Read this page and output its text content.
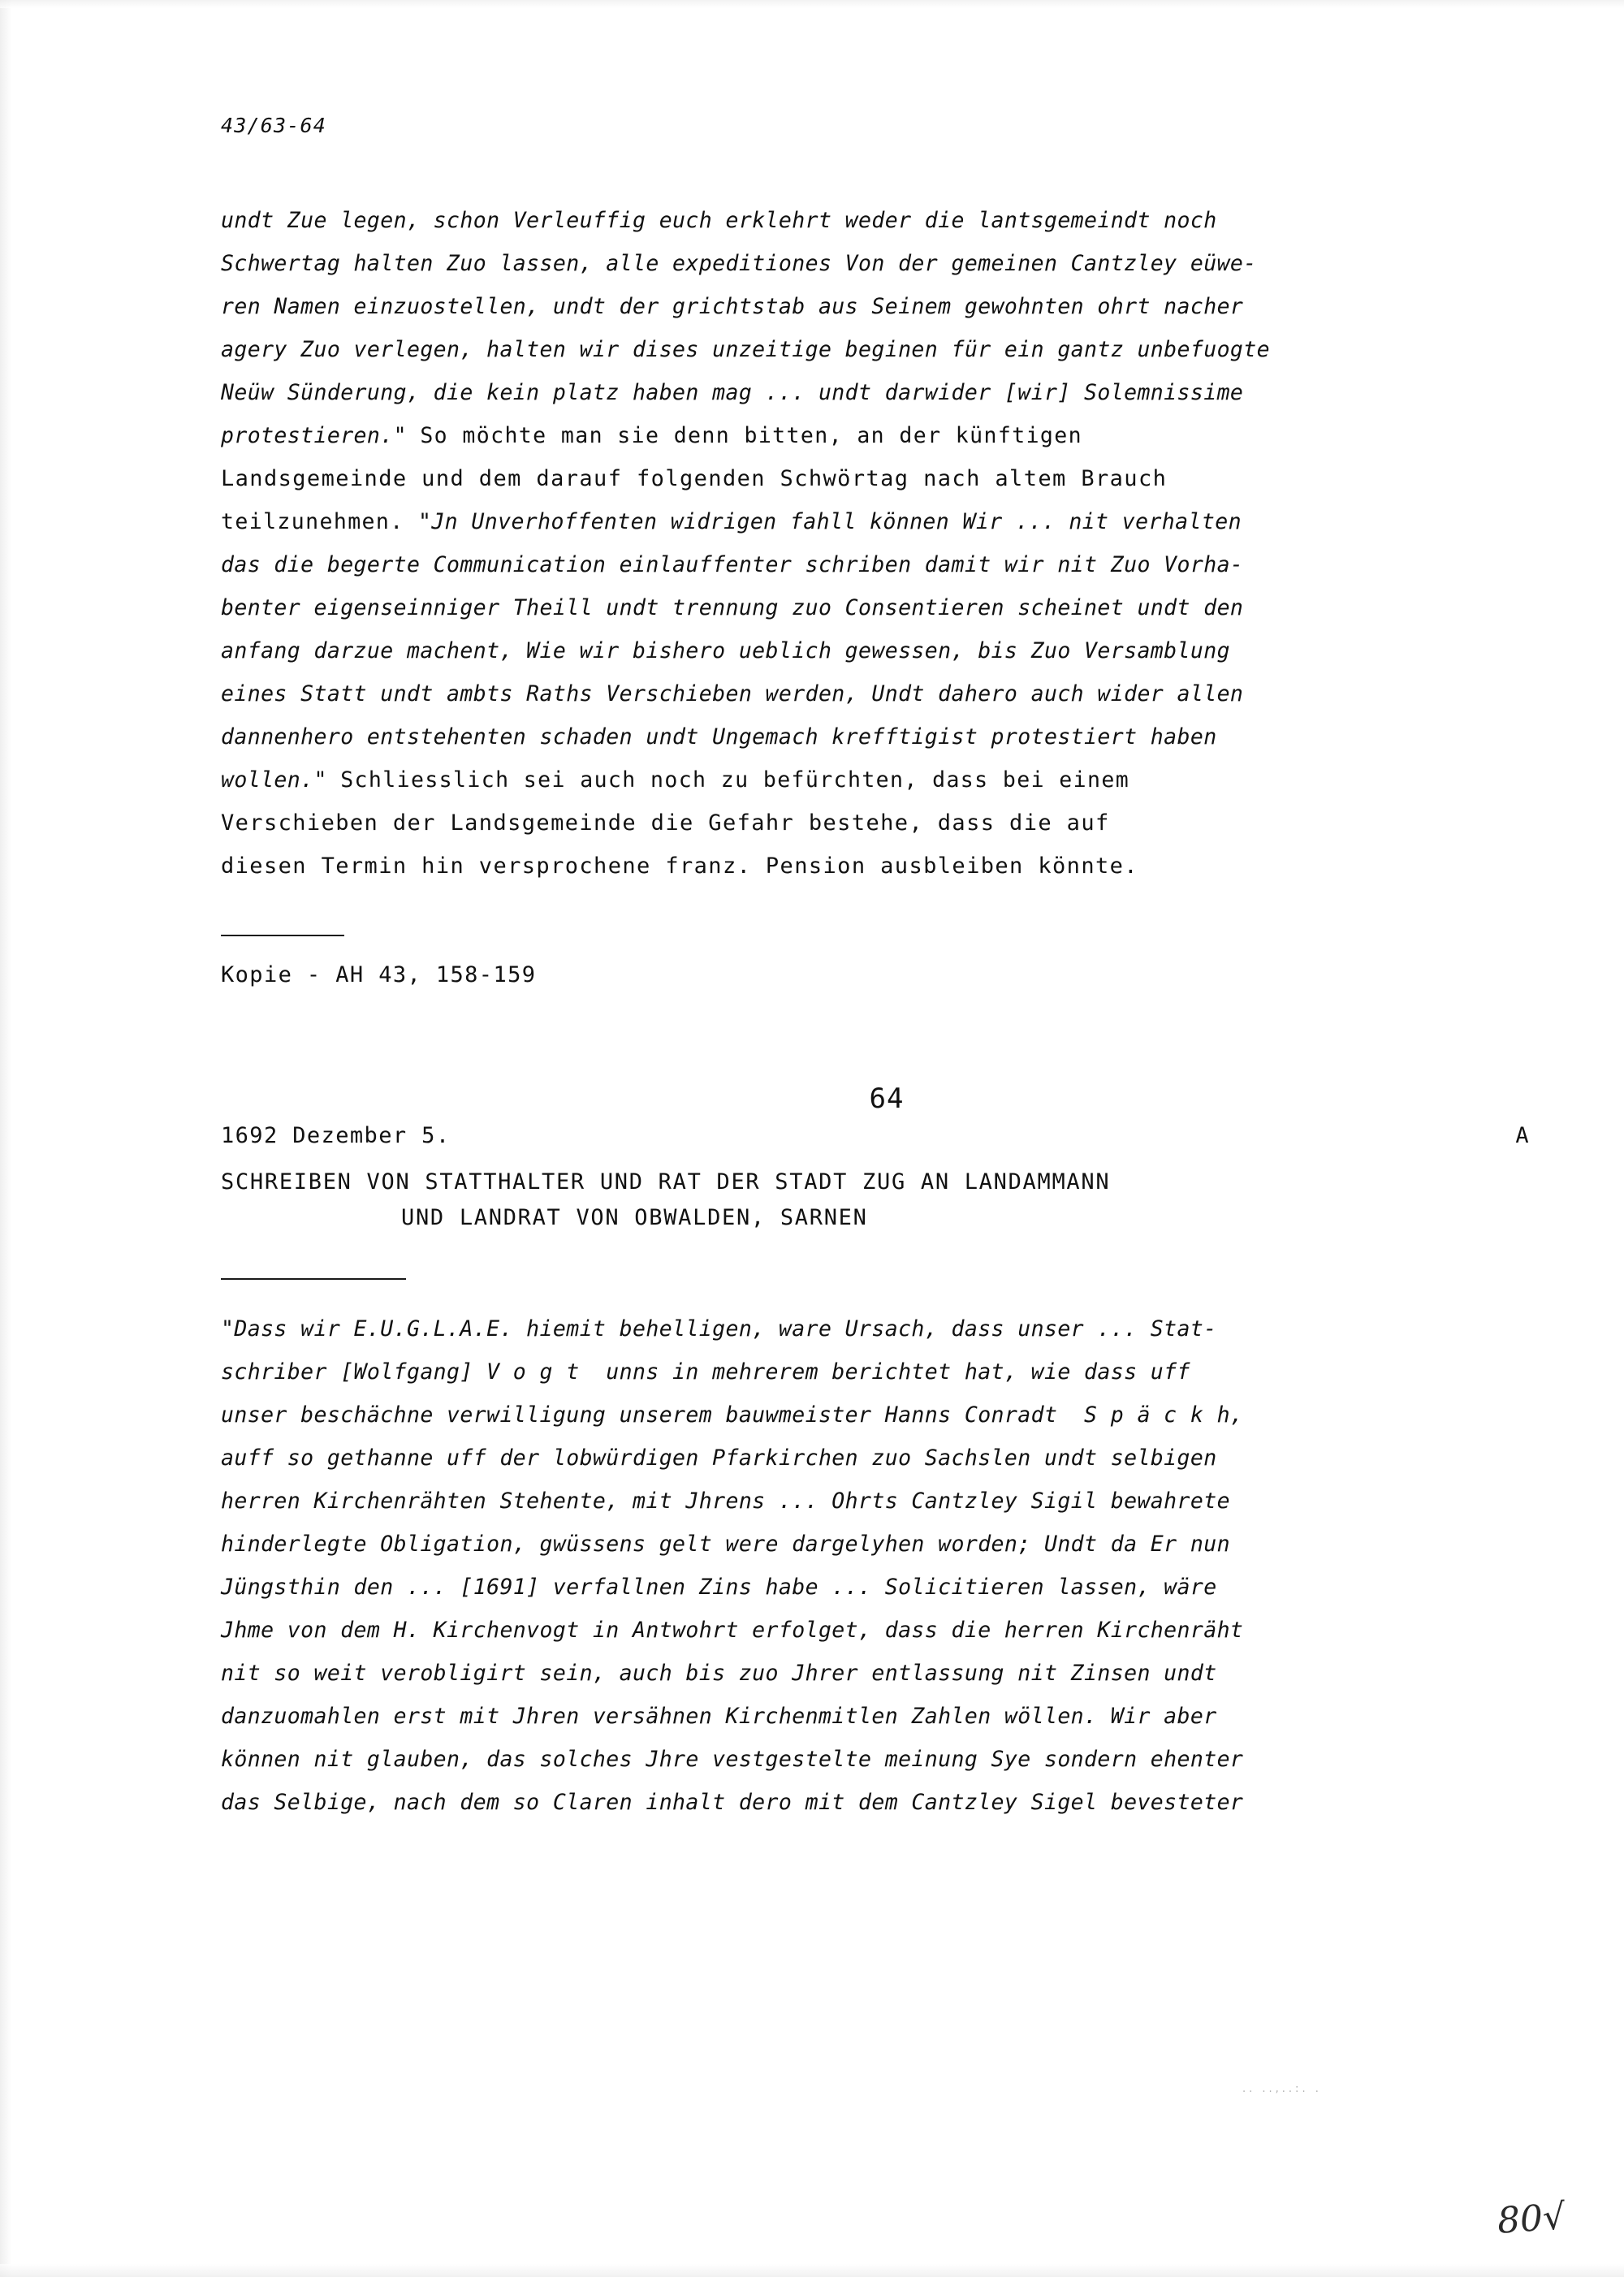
43/63-64

undt Zue legen, schon Verleuffig euch erklehrt weder die lantsgemeindt noch

Schwertag halten Zuo lassen, alle expeditiones Von der gemeinen Cantzley eüwe-

ren Namen einzuostellen, undt der grichtstab aus Seinem gewohnten ohrt nacher

agery Zuo verlegen, halten wir dises unzeitige beginen für ein gantz unbefuogte

Neüw Sünderung, die kein platz haben mag ... undt darwider [wir] Solemnissime

protestieren." So möchte man sie denn bitten, an der künftigen

Landsgemeinde und dem darauf folgenden Schwörtag nach altem Brauch

teilzunehmen. "Jn Unverhoffenten widrigen fahll können Wir ... nit verhalten

das die begerte Communication einlauffenter schriben damit wir nit Zuo Vorha-

benter eigenseinniger Theill undt trennung zuo Consentieren scheinet undt den

anfang darzue machent, Wie wir bishero ueblich gewessen, bis Zuo Versamblung

eines Statt undt ambts Raths Verschieben werden, Undt dahero auch wider allen

dannenhero entstehenten schaden undt Ungemach krefftigist protestiert haben

wollen." Schliesslich sei auch noch zu befürchten, dass bei einem

Verschieben der Landsgemeinde die Gefahr bestehe, dass die auf

diesen Termin hin versprochene franz. Pension ausbleiben könnte.

Kopie - AH 43, 158-159

64
1692 Dezember 5.	A
SCHREIBEN VON STATTHALTER UND RAT DER STADT ZUG AN LANDAMMANN
UND LANDRAT VON OBWALDEN, SARNEN

"Dass wir E.U.G.L.A.E. hiemit behelligen, ware Ursach, dass unser ... Stat-

schriber [Wolfgang] V o g t  unns in mehrerem berichtet hat, wie dass uff

unser beschächne verwilligung unserem bauwmeister Hanns Conradt  S p ä c k h,

auff so gethanne uff der lobwürdigen Pfarkirchen zuo Sachslen undt selbigen

herren Kirchenrähten Stehente, mit Jhrens ... Ohrts Cantzley Sigil bewahrete

hinderlegte Obligation, gwüssens gelt were dargelyhen worden; Undt da Er nun

Jüngsthin den ... [1691] verfallnen Zins habe ... Solicitieren lassen, wäre

Jhme von dem H. Kirchenvogt in Antwohrt erfolget, dass die herren Kirchenräht

nit so weit verobligirt sein, auch bis zuo Jhrer entlassung nit Zinsen undt

danzuomahlen erst mit Jhren versähnen Kirchenmitlen Zahlen wöllen. Wir aber

können nit glauben, das solches Jhre vestgestelte meinung Sye sondern ehenter

das Selbige, nach dem so Claren inhalt dero mit dem Cantzley Sigel bevesteter

.. ..,..:. .
80√
